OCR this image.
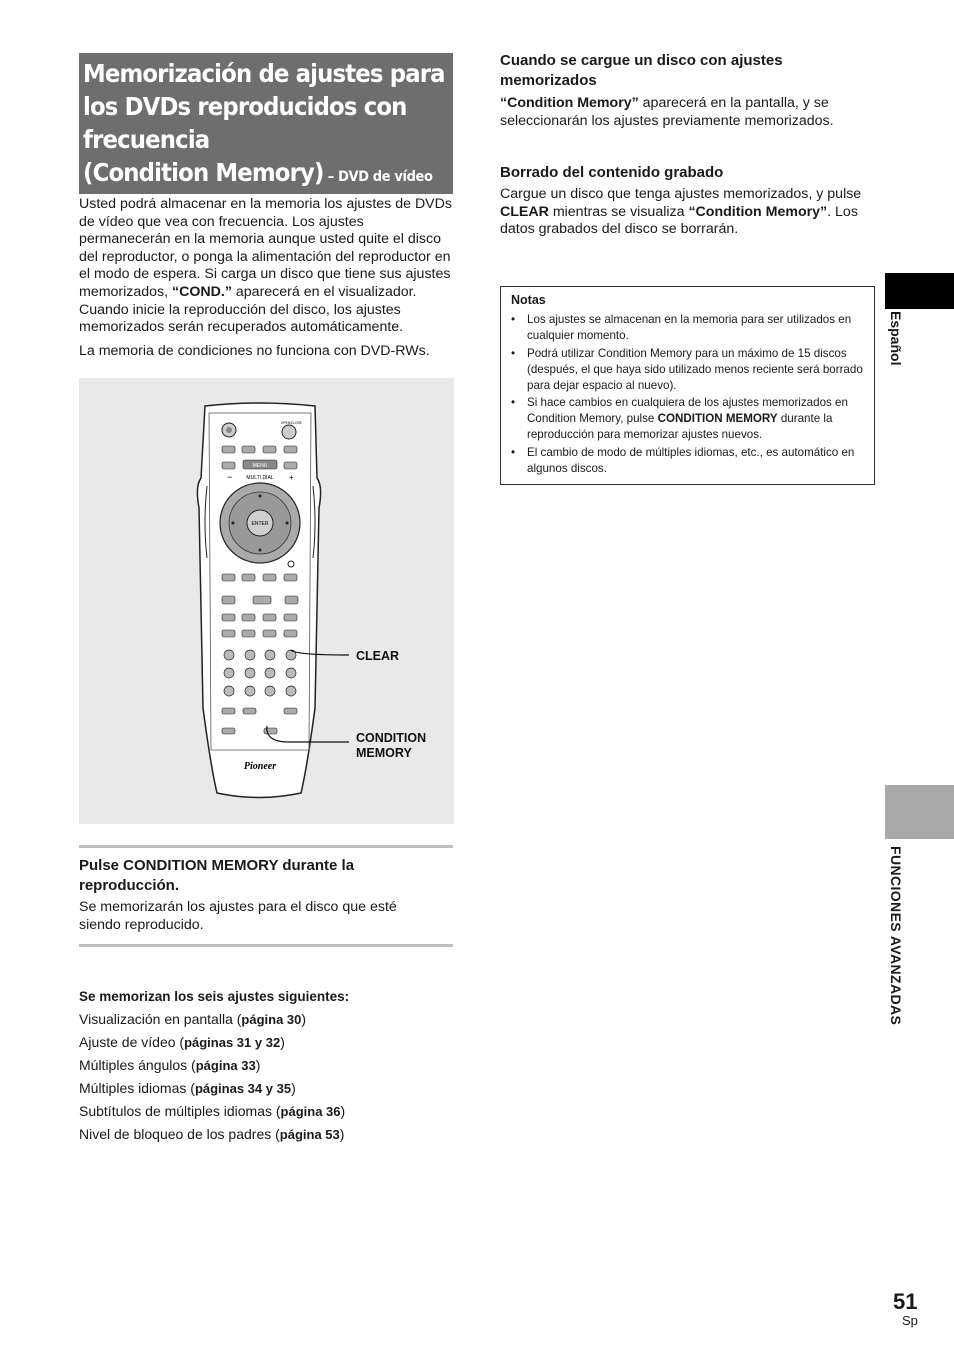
Memorización de ajustes para
los DVDs reproducidos con
frecuencia
(Condition Memory) – DVD de vídeo

Usted podrá almacenar en la memoria los ajustes de DVDs de vídeo que vea con frecuencia. Los ajustes permanecerán en la memoria aunque usted quite el disco del reproductor, o ponga la alimentación del reproductor en el modo de espera. Si carga un disco que tiene sus ajustes memorizados, “COND.” aparecerá en el visualizador. Cuando inicie la reproducción del disco, los ajustes memorizados serán recuperados automáticamente.

La memoria de condiciones no funciona con DVD-RWs.

OPEN/CLOSE
MENU
MULTI DIAL
−	+
ENTER
Pioneer
CLEAR
CONDITION
MEMORY
Pulse CONDITION MEMORY durante la reproducción.
Se memorizarán los ajustes para el disco que esté siendo reproducido.
Se memorizan los seis ajustes siguientes:
Visualización en pantalla (página 30)
Ajuste de vídeo (páginas 31 y 32)
Múltiples ángulos (página 33)
Múltiples idiomas (páginas 34 y 35)
Subtítulos de múltiples idiomas (página 36)
Nivel de bloqueo de los padres (página 53)
Cuando se cargue un disco con ajustes memorizados
“Condition Memory” aparecerá en la pantalla, y se seleccionarán los ajustes previamente memorizados.
Borrado del contenido grabado
Cargue un disco que tenga ajustes memorizados, y pulse CLEAR mientras se visualiza “Condition Memory”. Los datos grabados del disco se borrarán.
Notas
• Los ajustes se almacenan en la memoria para ser utilizados en cualquier momento.
• Podrá utilizar Condition Memory para un máximo de 15 discos (después, el que haya sido utilizado menos reciente será borrado para dejar espacio al nuevo).
• Si hace cambios en cualquiera de los ajustes memorizados en Condition Memory, pulse CONDITION MEMORY durante la reproducción para memorizar ajustes nuevos.
• El cambio de modo de múltiples idiomas, etc., es automático en algunos discos.
Español
FUNCIONES AVANZADAS
51
Sp
